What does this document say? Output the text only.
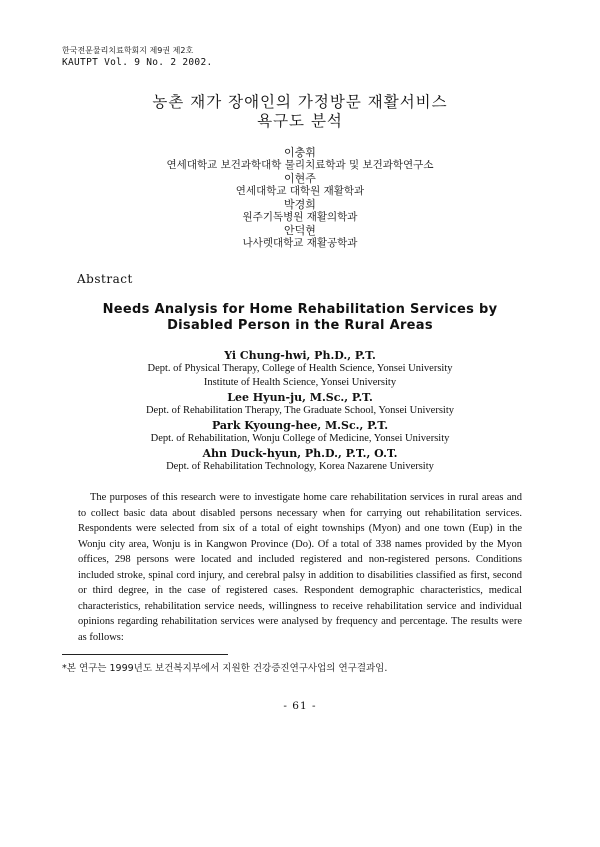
한국전문물리치료학회지 제9권 제2호
KAUTPT Vol. 9 No. 2 2002.
농촌 재가 장애인의 가정방문 재활서비스
욕구도 분석
이충휘
연세대학교 보건과학대학 물리치료학과 및 보건과학연구소
이현주
연세대학교 대학원 재활학과
박경희
원주기독병원 재활의학과
안덕현
나사렛대학교 재활공학과
Abstract
Needs Analysis for Home Rehabilitation Services by
Disabled Person in the Rural Areas
Yi Chung-hwi, Ph.D., P.T.
Dept. of Physical Therapy, College of Health Science, Yonsei University
Institute of Health Science, Yonsei University
Lee Hyun-ju, M.Sc., P.T.
Dept. of Rehabilitation Therapy, The Graduate School, Yonsei University
Park Kyoung-hee, M.Sc., P.T.
Dept. of Rehabilitation, Wonju College of Medicine, Yonsei University
Ahn Duck-hyun, Ph.D., P.T., O.T.
Dept. of Rehabilitation Technology, Korea Nazarene University

The purposes of this research were to investigate home care rehabilitation services in rural areas and to collect basic data about disabled persons necessary when for carrying out rehabilitation services. Respondents were selected from six of a total of eight townships (Myon) and one town (Eup) in the Wonju city area, Wonju is in Kangwon Province (Do). Of a total of 338 names provided by the Myon offices, 298 persons were located and included registered and non-registered persons. Conditions included stroke, spinal cord injury, and cerebral palsy in addition to disabilities classified as first, second or third degree, in the case of registered cases. Respondent demographic characteristics, medical characteristics, rehabilitation service needs, willingness to receive rehabilitation service and individual opinions regarding rehabilitation services were analysed by frequency and percentage. The results were as follows:

*본 연구는 1999년도 보건복지부에서 지원한 건강증진연구사업의 연구결과임.
- 61 -
